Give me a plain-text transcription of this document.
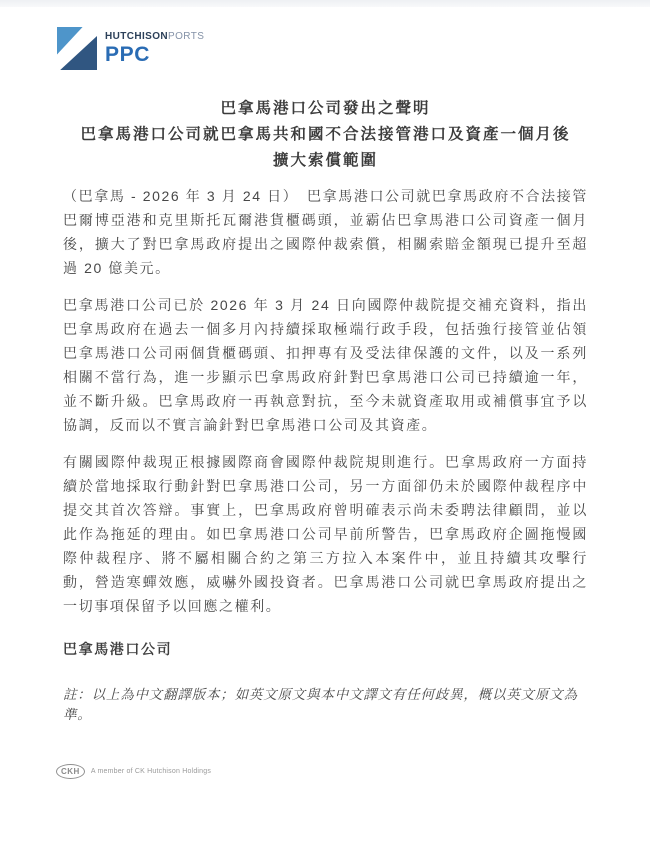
HUTCHISONPORTS
PPC
巴拿馬港口公司發出之聲明
巴拿馬港口公司就巴拿馬共和國不合法接管港口及資產一個月後
擴大索償範圍

（巴拿馬 - 2026 年 3 月 24 日）　巴拿馬港口公司就巴拿馬政府不合法接管巴爾博亞港和克里斯托瓦爾港貨櫃碼頭，並霸佔巴拿馬港口公司資產一個月後，擴大了對巴拿馬政府提出之國際仲裁索償，相關索賠金額現已提升至超過 20 億美元。

巴拿馬港口公司已於 2026 年 3 月 24 日向國際仲裁院提交補充資料，指出巴拿馬政府在過去一個多月內持續採取極端行政手段，包括強行接管並佔領巴拿馬港口公司兩個貨櫃碼頭、扣押專有及受法律保護的文件，以及一系列相關不當行為，進一步顯示巴拿馬政府針對巴拿馬港口公司已持續逾一年，並不斷升級。巴拿馬政府一再執意對抗，至今未就資產取用或補償事宜予以協調，反而以不實言論針對巴拿馬港口公司及其資產。

有關國際仲裁現正根據國際商會國際仲裁院規則進行。巴拿馬政府一方面持續於當地採取行動針對巴拿馬港口公司，另一方面卻仍未於國際仲裁程序中提交其首次答辯。事實上，巴拿馬政府曾明確表示尚未委聘法律顧問，並以此作為拖延的理由。如巴拿馬港口公司早前所警告，巴拿馬政府企圖拖慢國際仲裁程序、將不屬相關合約之第三方拉入本案件中，並且持續其攻擊行動，營造寒蟬效應，威嚇外國投資者。巴拿馬港口公司就巴拿馬政府提出之一切事項保留予以回應之權利。

巴拿馬港口公司

註：以上為中文翻譯版本；如英文原文與本中文譯文有任何歧異，概以英文原文為準。

CKH	A member of CK Hutchison Holdings
